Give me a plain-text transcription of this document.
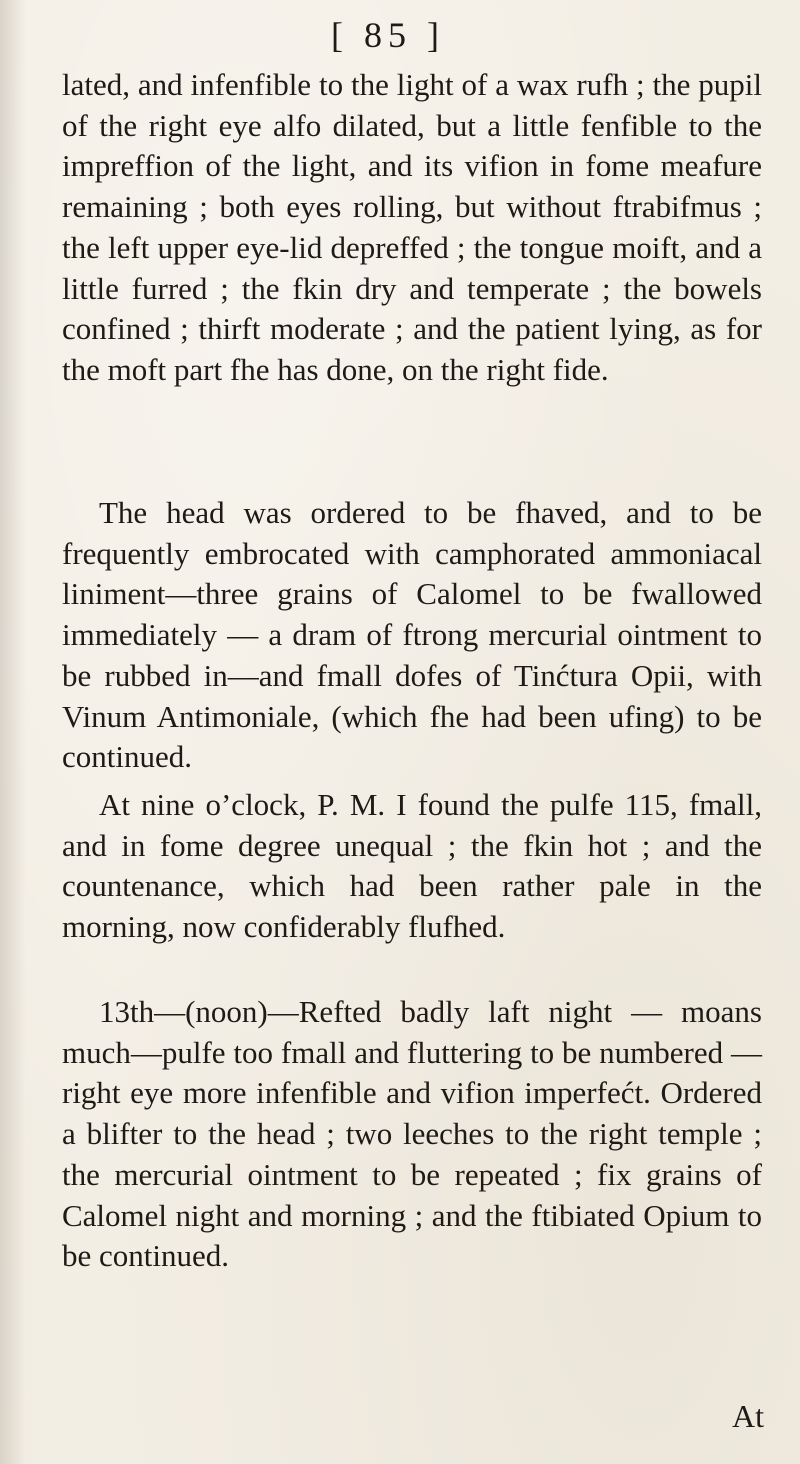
[ 85 ]

lated, and infenfible to the light of a wax rufh ; the pupil of the right eye alfo dilated, but a little fenfible to the impreffion of the light, and its vifion in fome meafure remaining ; both eyes rolling, but without ftrabifmus ; the left upper eye-lid depreffed ; the tongue moift, and a little furred ; the fkin dry and temperate ; the bowels confined ; thirft moderate ; and the patient lying, as for the moft part fhe has done, on the right fide.

The head was ordered to be fhaved, and to be frequently embrocated with camphorated ammoniacal liniment—three grains of Calomel to be fwallowed immediately — a dram of ftrong mercurial ointment to be rubbed in—and fmall dofes of Tinćtura Opii, with Vinum Antimoniale, (which fhe had been ufing) to be continued.

At nine o’clock, P. M. I found the pulfe 115, fmall, and in fome degree unequal ; the fkin hot ; and the countenance, which had been rather pale in the morning, now confiderably flufhed.

13th—(noon)—Refted badly laft night — moans much—pulfe too fmall and fluttering to be numbered —right eye more infenfible and vifion imperfećt. Ordered a blifter to the head ; two leeches to the right temple ; the mercurial ointment to be repeated ; fix grains of Calomel night and morning ; and the ftibiated Opium to be continued.

At
